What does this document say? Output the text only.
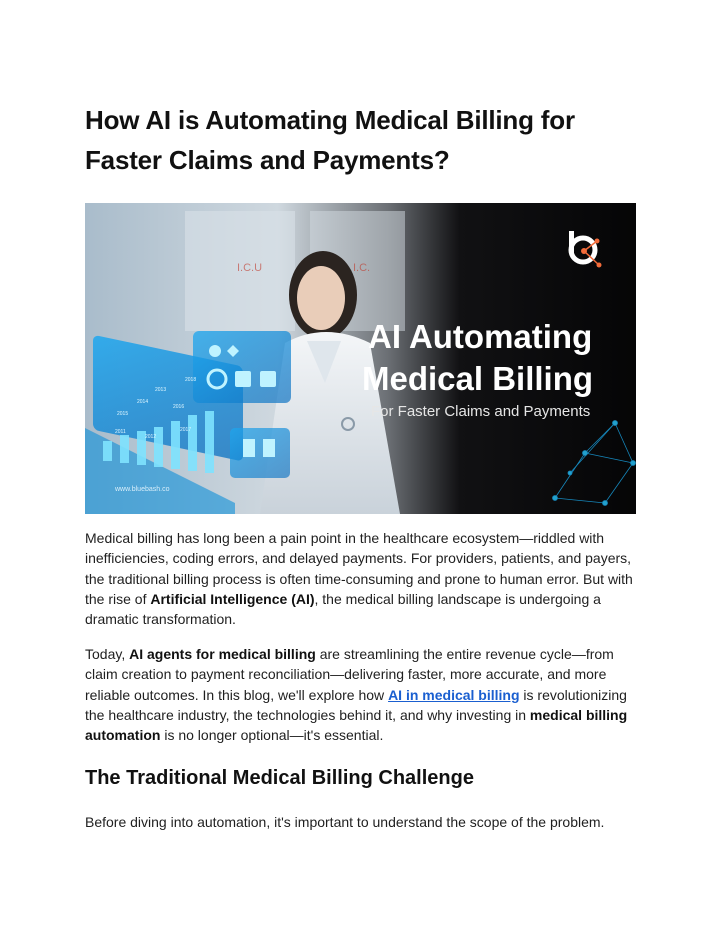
How AI is Automating Medical Billing for Faster Claims and Payments?
I.C.U	I.C.
AI Automating
Medical Billing
For Faster Claims and Payments
www.bluebash.co
2013
2014
2015
2016
2017
2018
2012
2011

Medical billing has long been a pain point in the healthcare ecosystem—riddled with inefficiencies, coding errors, and delayed payments. For providers, patients, and payers, the traditional billing process is often time-consuming and prone to human error. But with the rise of Artificial Intelligence (AI), the medical billing landscape is undergoing a dramatic transformation.

Today, AI agents for medical billing are streamlining the entire revenue cycle—from claim creation to payment reconciliation—delivering faster, more accurate, and more reliable outcomes. In this blog, we'll explore how AI in medical billing is revolutionizing the healthcare industry, the technologies behind it, and why investing in medical billing automation is no longer optional—it's essential.

The Traditional Medical Billing Challenge

Before diving into automation, it's important to understand the scope of the problem.
